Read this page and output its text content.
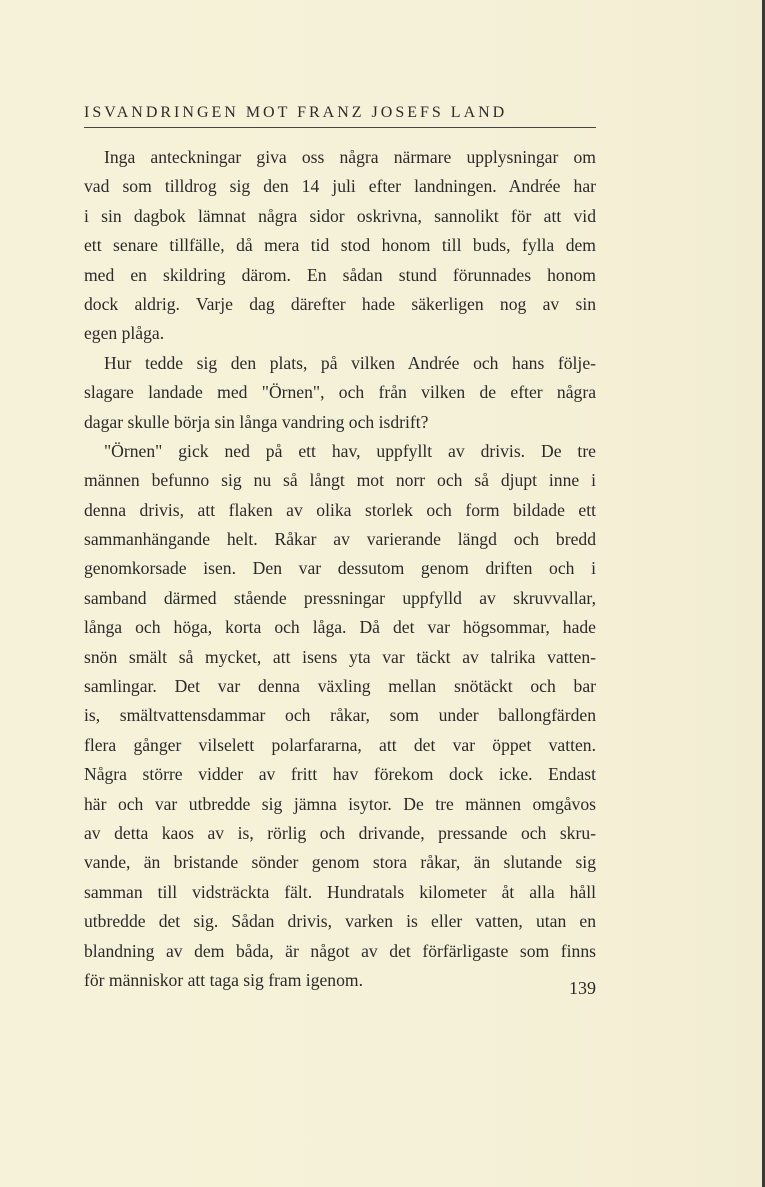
ISVANDRINGEN MOT FRANZ JOSEFS LAND

Inga anteckningar giva oss några närmare upplysningar om
vad som tilldrog sig den 14 juli efter landningen. Andrée har
i sin dagbok lämnat några sidor oskrivna, sannolikt för att vid
ett senare tillfälle, då mera tid stod honom till buds, fylla dem
med en skildring därom. En sådan stund förunnades honom
dock aldrig. Varje dag därefter hade säkerligen nog av sin
egen plåga.

Hur tedde sig den plats, på vilken Andrée och hans följe-
slagare landade med "Örnen", och från vilken de efter några
dagar skulle börja sin långa vandring och isdrift?

"Örnen" gick ned på ett hav, uppfyllt av drivis. De tre
männen befunno sig nu så långt mot norr och så djupt inne i
denna drivis, att flaken av olika storlek och form bildade ett
sammanhängande helt. Råkar av varierande längd och bredd
genomkorsade isen. Den var dessutom genom driften och i
samband därmed stående pressningar uppfylld av skruvvallar,
långa och höga, korta och låga. Då det var högsommar, hade
snön smält så mycket, att isens yta var täckt av talrika vatten-
samlingar. Det var denna växling mellan snötäckt och bar
is, smältvattensdammar och råkar, som under ballongfärden
flera gånger vilselett polarfararna, att det var öppet vatten.
Några större vidder av fritt hav förekom dock icke. Endast
här och var utbredde sig jämna isytor. De tre männen omgåvos
av detta kaos av is, rörlig och drivande, pressande och skru-
vande, än bristande sönder genom stora råkar, än slutande sig
samman till vidsträckta fält. Hundratals kilometer åt alla håll
utbredde det sig. Sådan drivis, varken is eller vatten, utan en
blandning av dem båda, är något av det förfärligaste som finns
för människor att taga sig fram igenom.	139
